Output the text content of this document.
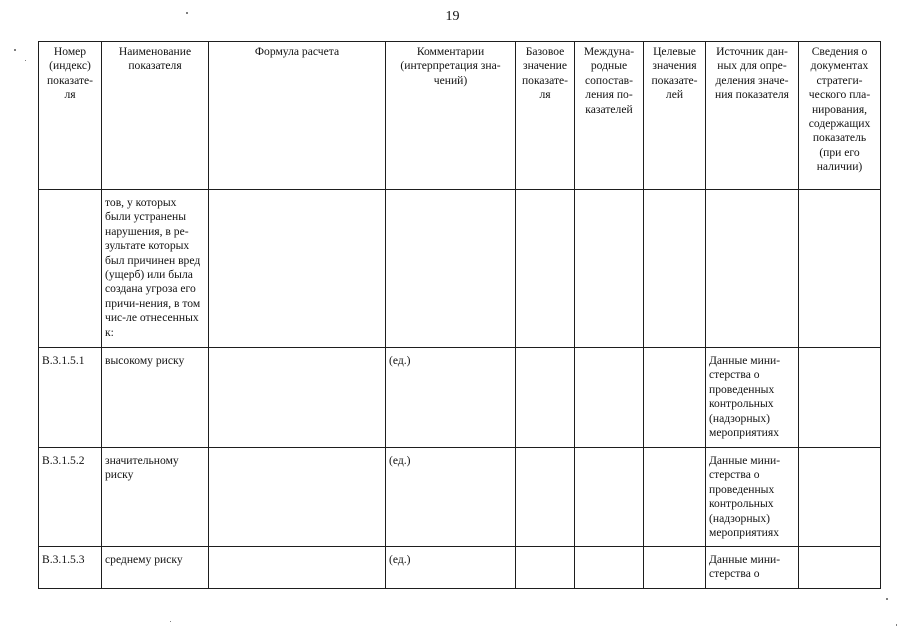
19
Номер (индекс) показате-ля	Наименование показателя	Формула расчета	Комментарии (интерпретация зна-чений)	Базовое значение показате-ля	Междуна-родные сопостав-ления по-казателей	Целевые значения показате-лей	Источник дан-ных для опре-деления значе-ния показателя	Сведения о документах стратеги-ческого пла-нирования, содержащих показатель (при его наличии)
	тов, у которых были устранены нарушения, в ре-зультате которых был причинен вред (ущерб) или была создана угроза его причи-нения, в том чис-ле отнесенных к:							
В.3.1.5.1	высокому риску		(ед.)				Данные мини-стерства о проведенных контрольных (надзорных) мероприятиях	
В.3.1.5.2	значительному риску		(ед.)				Данные мини-стерства о проведенных контрольных (надзорных) мероприятиях	
В.3.1.5.3	среднему риску		(ед.)				Данные мини-стерства о	
